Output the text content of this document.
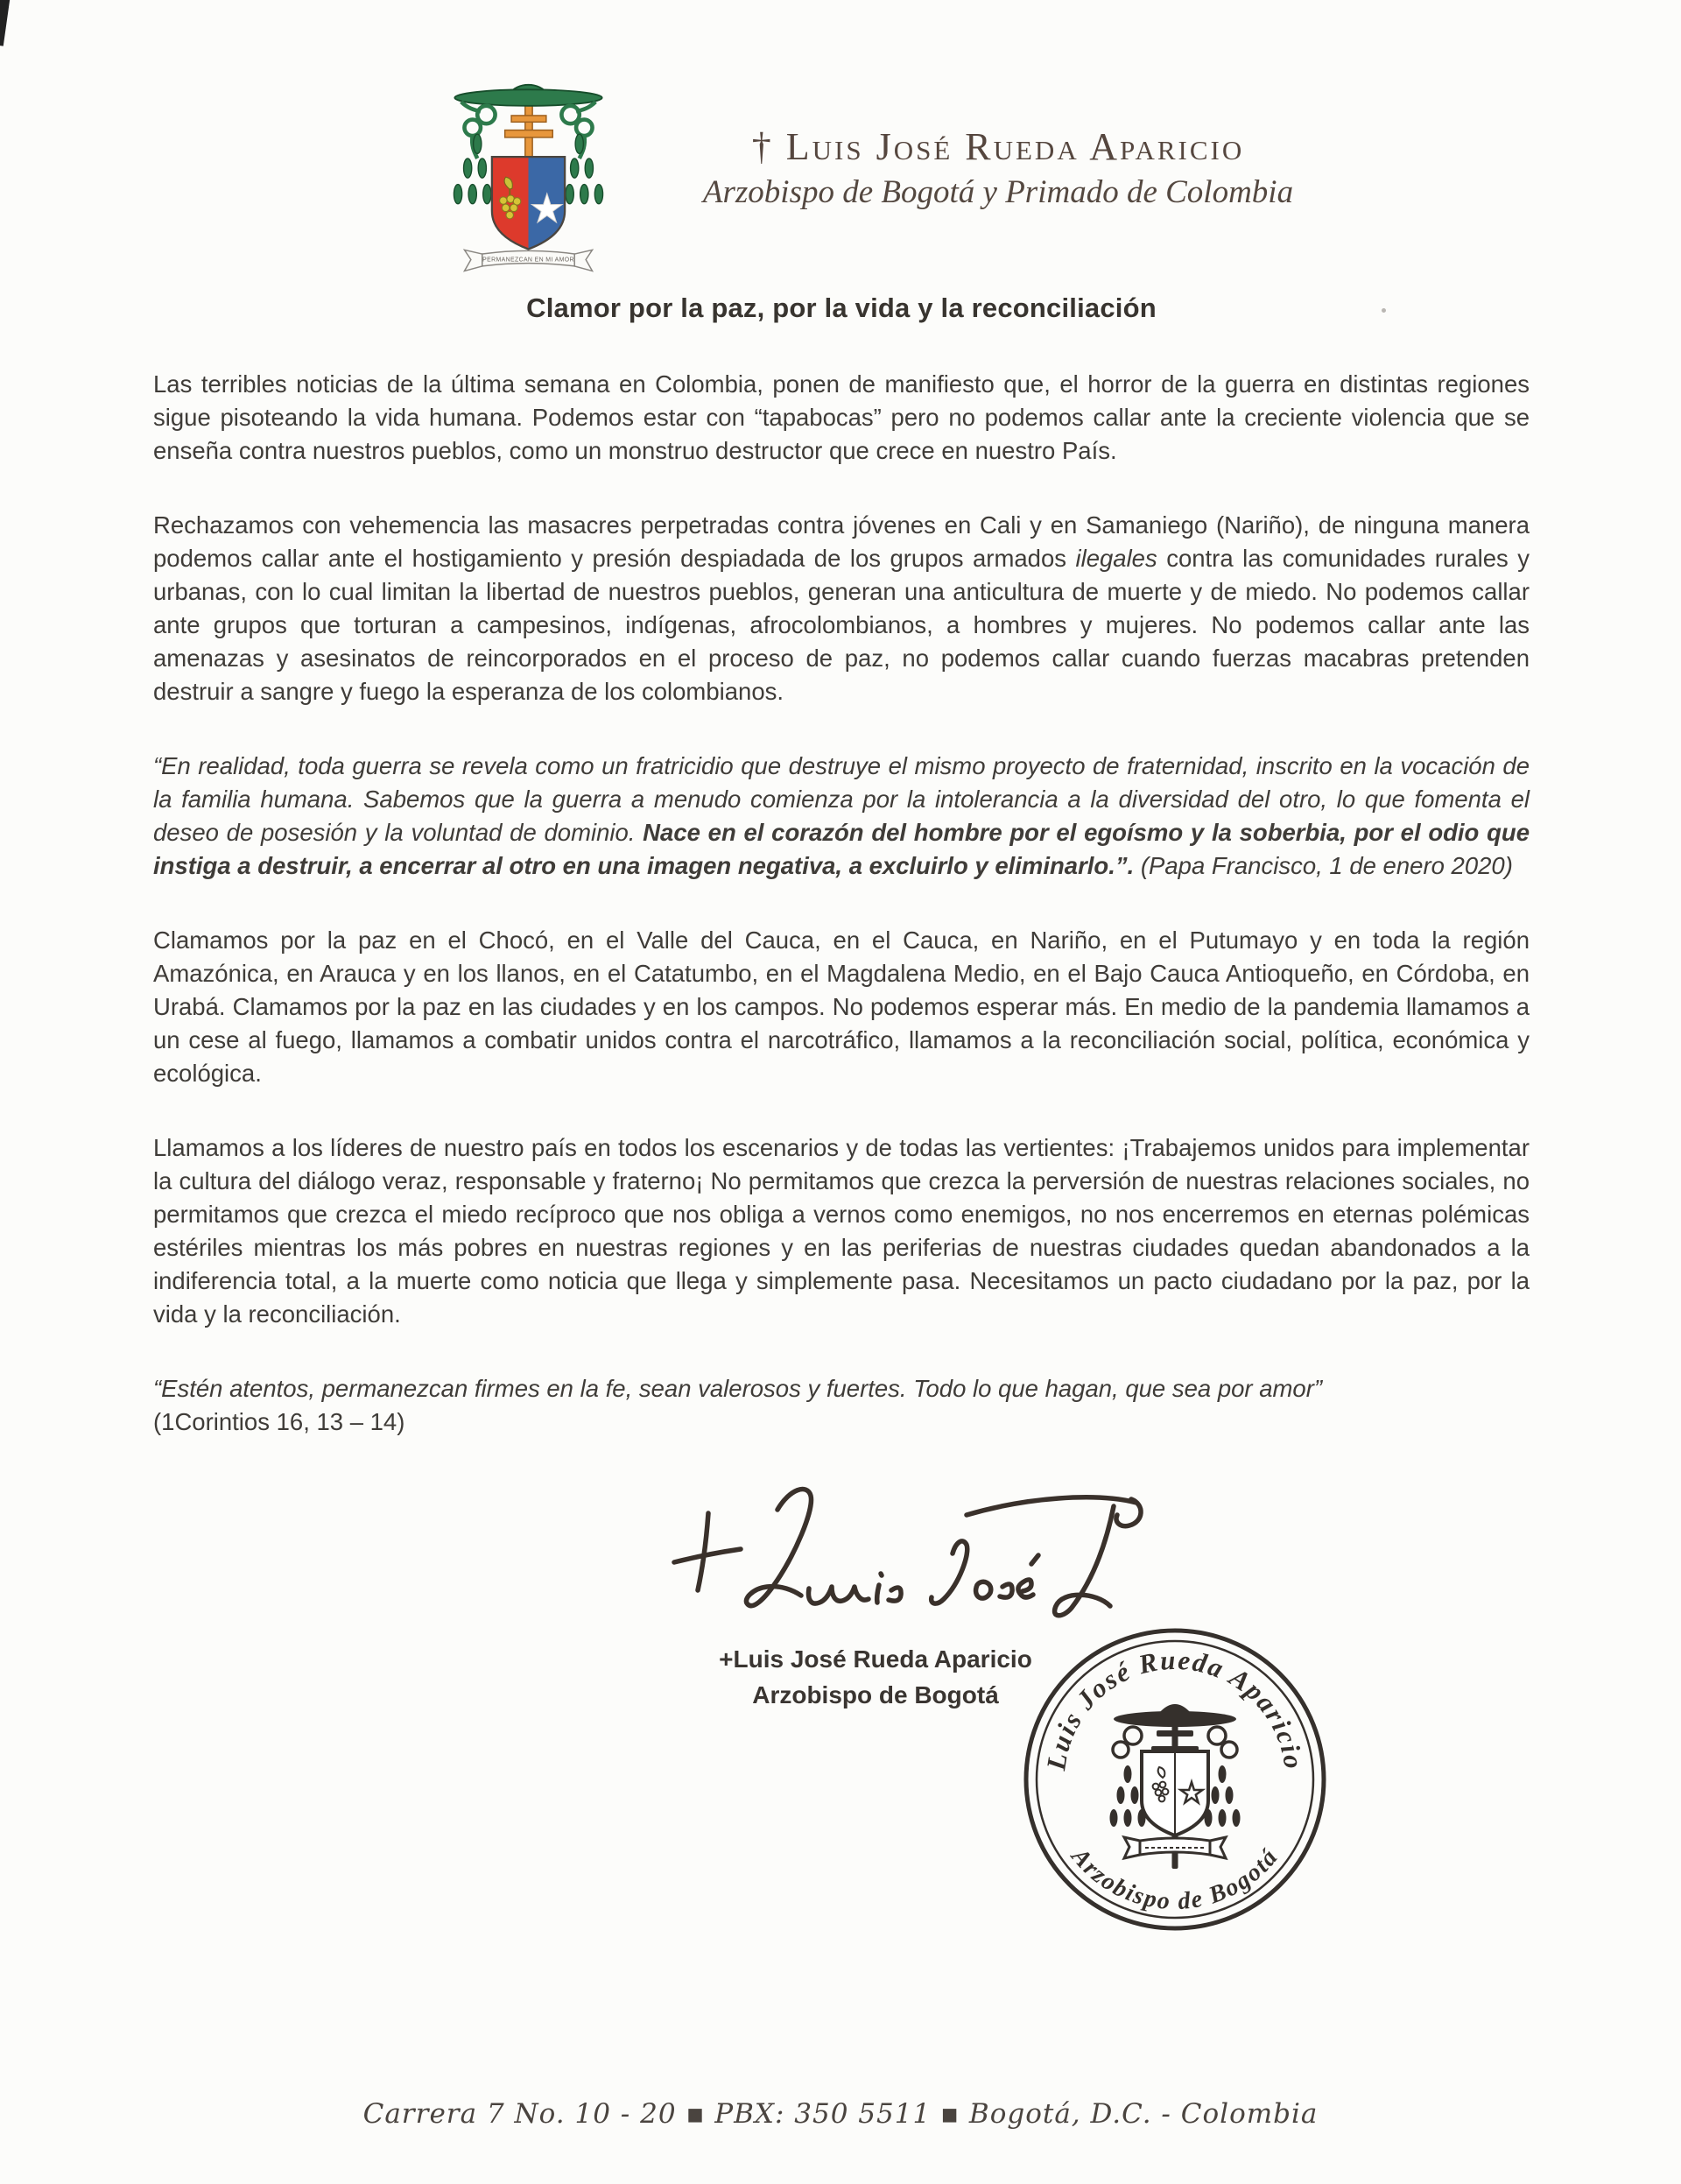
PERMANEZCAN EN MI AMOR
† Luis José Rueda Aparicio
Arzobispo de Bogotá y Primado de Colombia
Clamor por la paz, por la vida y la reconciliación

Las terribles noticias de la última semana en Colombia, ponen de manifiesto que, el horror de la guerra en distintas regiones sigue pisoteando la vida humana. Podemos estar con “tapabocas” pero no podemos callar ante la creciente violencia que se enseña contra nuestros pueblos, como un monstruo destructor que crece en nuestro País.

Rechazamos con vehemencia las masacres perpetradas contra jóvenes en Cali y en Samaniego (Nariño), de ninguna manera podemos callar ante el hostigamiento y presión despiadada de los grupos armados ilegales contra las comunidades rurales y urbanas, con lo cual limitan la libertad de nuestros pueblos, generan una anticultura de muerte y de miedo. No podemos callar ante grupos que torturan a campesinos, indígenas, afrocolombianos, a hombres y mujeres. No podemos callar ante las amenazas y asesinatos de reincorporados en el proceso de paz, no podemos callar cuando fuerzas macabras pretenden destruir a sangre y fuego la esperanza de los colombianos.

“En realidad, toda guerra se revela como un fratricidio que destruye el mismo proyecto de fraternidad, inscrito en la vocación de la familia humana. Sabemos que la guerra a menudo comienza por la intolerancia a la diversidad del otro, lo que fomenta el deseo de posesión y la voluntad de dominio. Nace en el corazón del hombre por el egoísmo y la soberbia, por el odio que instiga a destruir, a encerrar al otro en una imagen negativa, a excluirlo y eliminarlo.”. (Papa Francisco, 1 de enero 2020)

Clamamos por la paz en el Chocó, en el Valle del Cauca, en el Cauca, en Nariño, en el Putumayo y en toda la región Amazónica, en Arauca y en los llanos, en el Catatumbo, en el Magdalena Medio, en el Bajo Cauca Antioqueño, en Córdoba, en Urabá. Clamamos por la paz en las ciudades y en los campos. No podemos esperar más. En medio de la pandemia llamamos a un cese al fuego, llamamos a combatir unidos contra el narcotráfico, llamamos a la reconciliación social, política, económica y ecológica.

Llamamos a los líderes de nuestro país en todos los escenarios y de todas las vertientes: ¡Trabajemos unidos para implementar la cultura del diálogo veraz, responsable y fraterno¡ No permitamos que crezca la perversión de nuestras relaciones sociales, no permitamos que crezca el miedo recíproco que nos obliga a vernos como enemigos, no nos encerremos en eternas polémicas estériles mientras los más pobres en nuestras regiones y en las periferias de nuestras ciudades quedan abandonados a la indiferencia total, a la muerte como noticia que llega y simplemente pasa. Necesitamos un pacto ciudadano por la paz, por la vida y la reconciliación.

“Estén atentos, permanezcan firmes en la fe, sean valerosos y fuertes. Todo lo que hagan, que sea por amor”
(1Corintios 16, 13 – 14)

+Luis José Rueda Aparicio
Arzobispo de Bogotá
Luis José Rueda Aparicio
Arzobispo de Bogotá
Carrera 7 No. 10 - 20 ▪ PBX: 350 5511 ▪ Bogotá, D.C. - Colombia
